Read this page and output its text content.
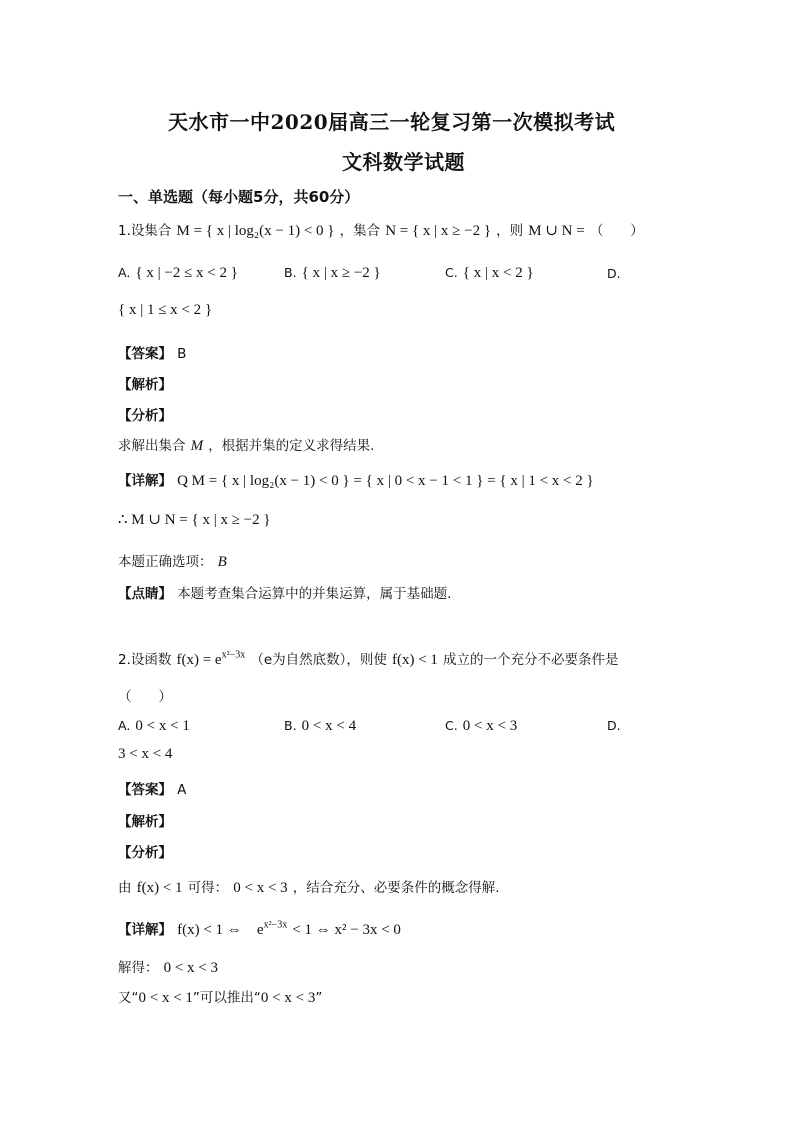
天水市一中2020届高三一轮复习第一次模拟考试
文科数学试题
一、单选题（每小题5分，共60分）
1.设集合 M = { x | log₂(x − 1) < 0 } ，集合 N = { x | x ≥ −2 } ，则 M ∪ N = （　　）
A. { x | −2 ≤ x < 2 }	B. { x | x ≥ −2 }	C. { x | x < 2 }	D.
{ x | 1 ≤ x < 2 }
【答案】 B
【解析】
【分析】
求解出集合 M ，根据并集的定义求得结果.
【详解】 Q M = { x | log₂(x − 1) < 0 } = { x | 0 < x − 1 < 1 } = { x | 1 < x < 2 }
∴ M ∪ N = { x | x ≥ −2 }
本题正确选项： B
【点睛】 本题考查集合运算中的并集运算，属于基础题.
2.设函数 $f(x) = e^{x^2-3x}$ （e为自然底数），则使 f(x) < 1 成立的一个充分不必要条件是
（　　）
A. 0 < x < 1	B. 0 < x < 4	C. 0 < x < 3	D.
3 < x < 4
【答案】 A
【解析】
【分析】
由 f(x) < 1 可得： 0 < x < 3 ，结合充分、必要条件的概念得解.
【详解】 f(x) < 1 ⇔ $e^{x^2-3x} < 1$ ⇔ x² − 3x < 0
解得： 0 < x < 3
又“0 < x < 1”可以推出“0 < x < 3”
